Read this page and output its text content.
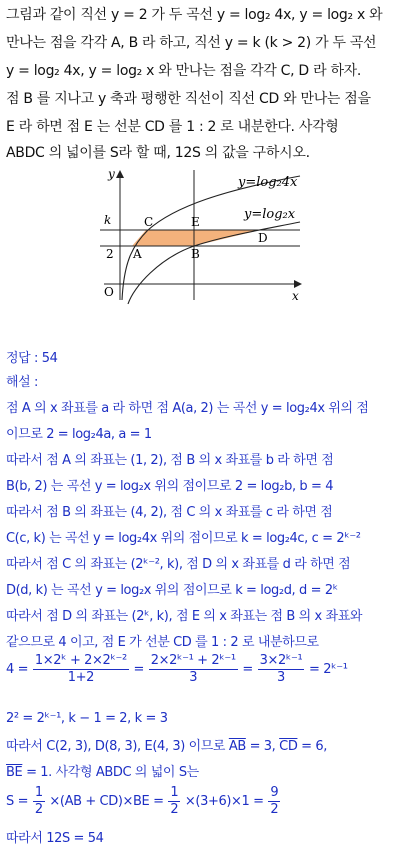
그림과 같이 직선 y = 2 가 두 곡선 y = log₂ 4x, y = log₂ x 와
만나는 점을 각각 A, B 라 하고, 직선 y = k (k > 2) 가 두 곡선
y = log₂ 4x, y = log₂ x 와 만나는 점을 각각 C, D 라 하자.
점 B 를 지나고 y 축과 평행한 직선이 직선 CD 와 만나는 점을
E 라 하면 점 E 는 선분 CD 를 1 : 2 로 내분한다. 사각형
ABDC 의 넓이를 S라 할 때, 12S 의 값을 구하시오.
y
x
O
k
2 A	B
C	E
D
y=log₂4x
y=log₂x
정답 : 54
해설 :
점 A 의 x 좌표를 a 라 하면 점 A(a, 2) 는 곡선 y = log₂4x 위의 점
이므로 2 = log₂4a, a = 1
따라서 점 A 의 좌표는 (1, 2), 점 B 의 x 좌표를 b 라 하면 점
B(b, 2) 는 곡선 y = log₂x 위의 점이므로 2 = log₂b, b = 4
따라서 점 B 의 좌표는 (4, 2), 점 C 의 x 좌표를 c 라 하면 점
C(c, k) 는 곡선 y = log₂4x 위의 점이므로 k = log₂4c, c = 2ᵏ⁻²
따라서 점 C 의 좌표는 (2ᵏ⁻², k), 점 D 의 x 좌표를 d 라 하면 점
D(d, k) 는 곡선 y = log₂x 위의 점이므로 k = log₂d, d = 2ᵏ
따라서 점 D 의 좌표는 (2ᵏ, k), 점 E 의 x 좌표는 점 B 의 x 좌표와
같으므로 4 이고, 점 E 가 선분 CD 를 1 : 2 로 내분하므로
$4 = \frac{\text{1×2ᵏ + 2×2ᵏ⁻²}}{1+2} = \frac{\text{2×2ᵏ⁻¹ + 2ᵏ⁻¹}}{3} = \frac{\text{3×2ᵏ⁻¹}}{3}$ = 2ᵏ⁻¹
2² = 2ᵏ⁻¹, k − 1 = 2, k = 3
따라서 C(2, 3), D(8, 3), E(4, 3) 이므로 $\overline{AB} = 3$, $\overline{CD} = 6$,
$\overline{BE} = 1$. 사각형 ABDC 의 넓이 S는
$S = \frac{1}{2} \times(AB + CD)\times BE = \frac{1}{2} \times(3+6)\times 1 = \frac{9}{2}$
따라서 12S = 54
